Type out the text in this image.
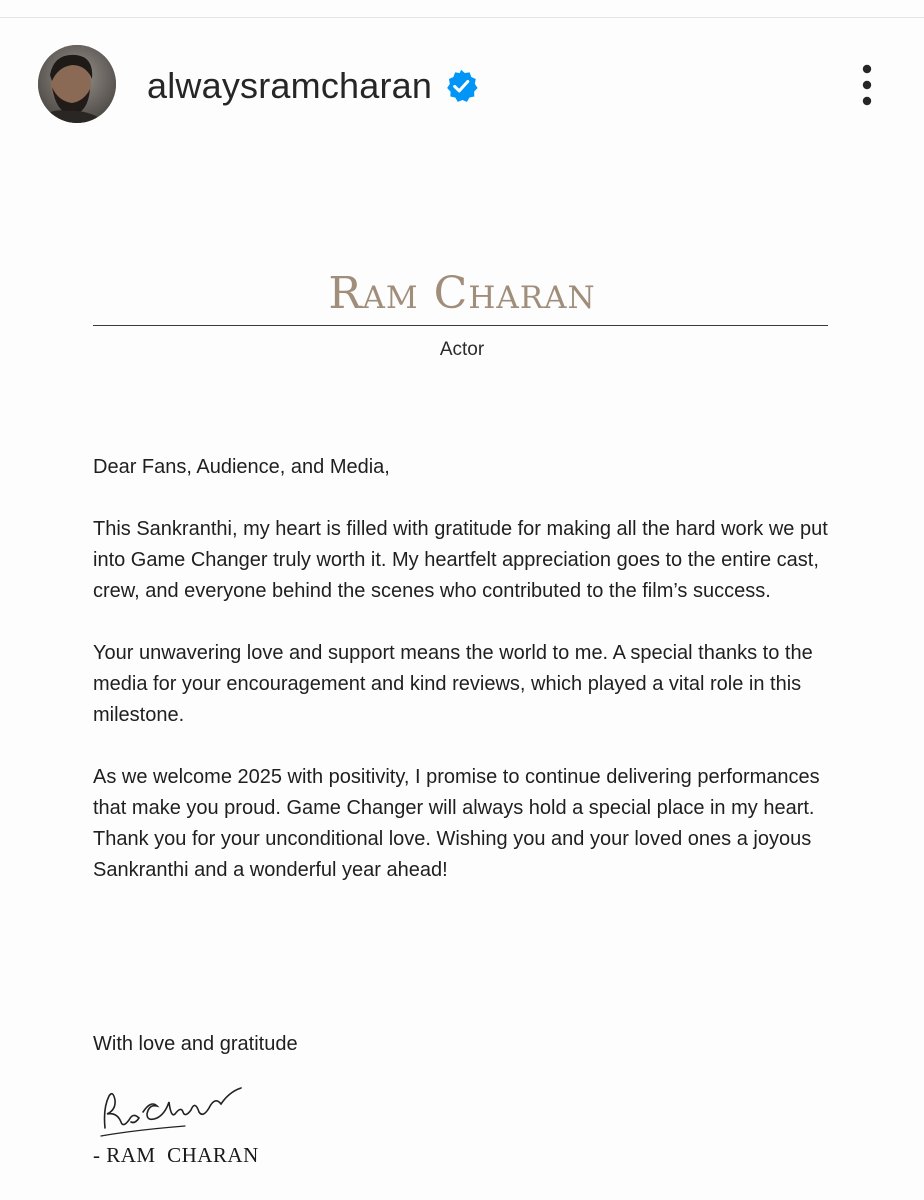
alwaysramcharan
Ram Charan
Actor

Dear Fans, Audience, and Media,

This Sankranthi, my heart is filled with gratitude for making all the hard work we put into Game Changer truly worth it. My heartfelt appreciation goes to the entire cast, crew, and everyone behind the scenes who contributed to the film’s success.

Your unwavering love and support means the world to me. A special thanks to the media for your encouragement and kind reviews, which played a vital role in this milestone.

As we welcome 2025 with positivity, I promise to continue delivering performances that make you proud. Game Changer will always hold a special place in my heart. Thank you for your unconditional love. Wishing you and your loved ones a joyous Sankranthi and a wonderful year ahead!

With love and gratitude
- RAM  CHARAN
